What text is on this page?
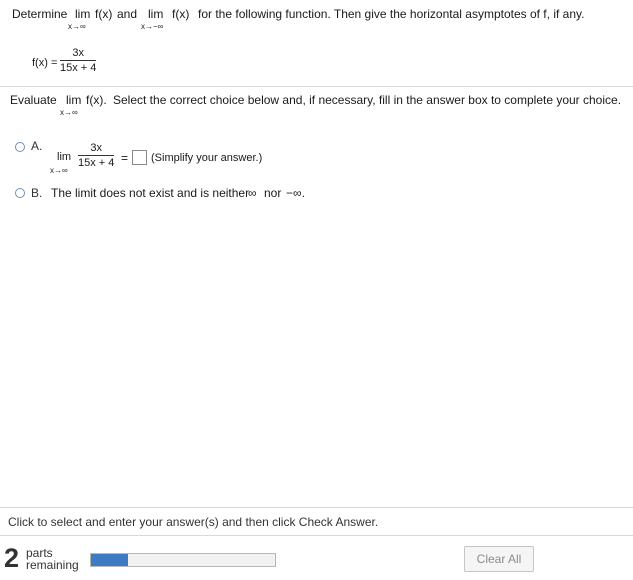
Determine lim f(x)
x→∞
and lim f(x)
x→−∞
for the following function. Then give the horizontal asymptotes of f, if any.
$f(x) = \frac{3x}{15x + 4}$
Evaluate lim
x→∞
f(x). Select the correct choice below and, if necessary, fill in the answer box to complete your choice.
A.
lim
x→∞
$\frac{3x}{15x + 4}$ = (Simplify your answer.)
B. The limit does not exist and is neither
∞ nor −∞.
Click to select and enter your answer(s) and then click Check Answer.
2 parts
remaining	Clear All
